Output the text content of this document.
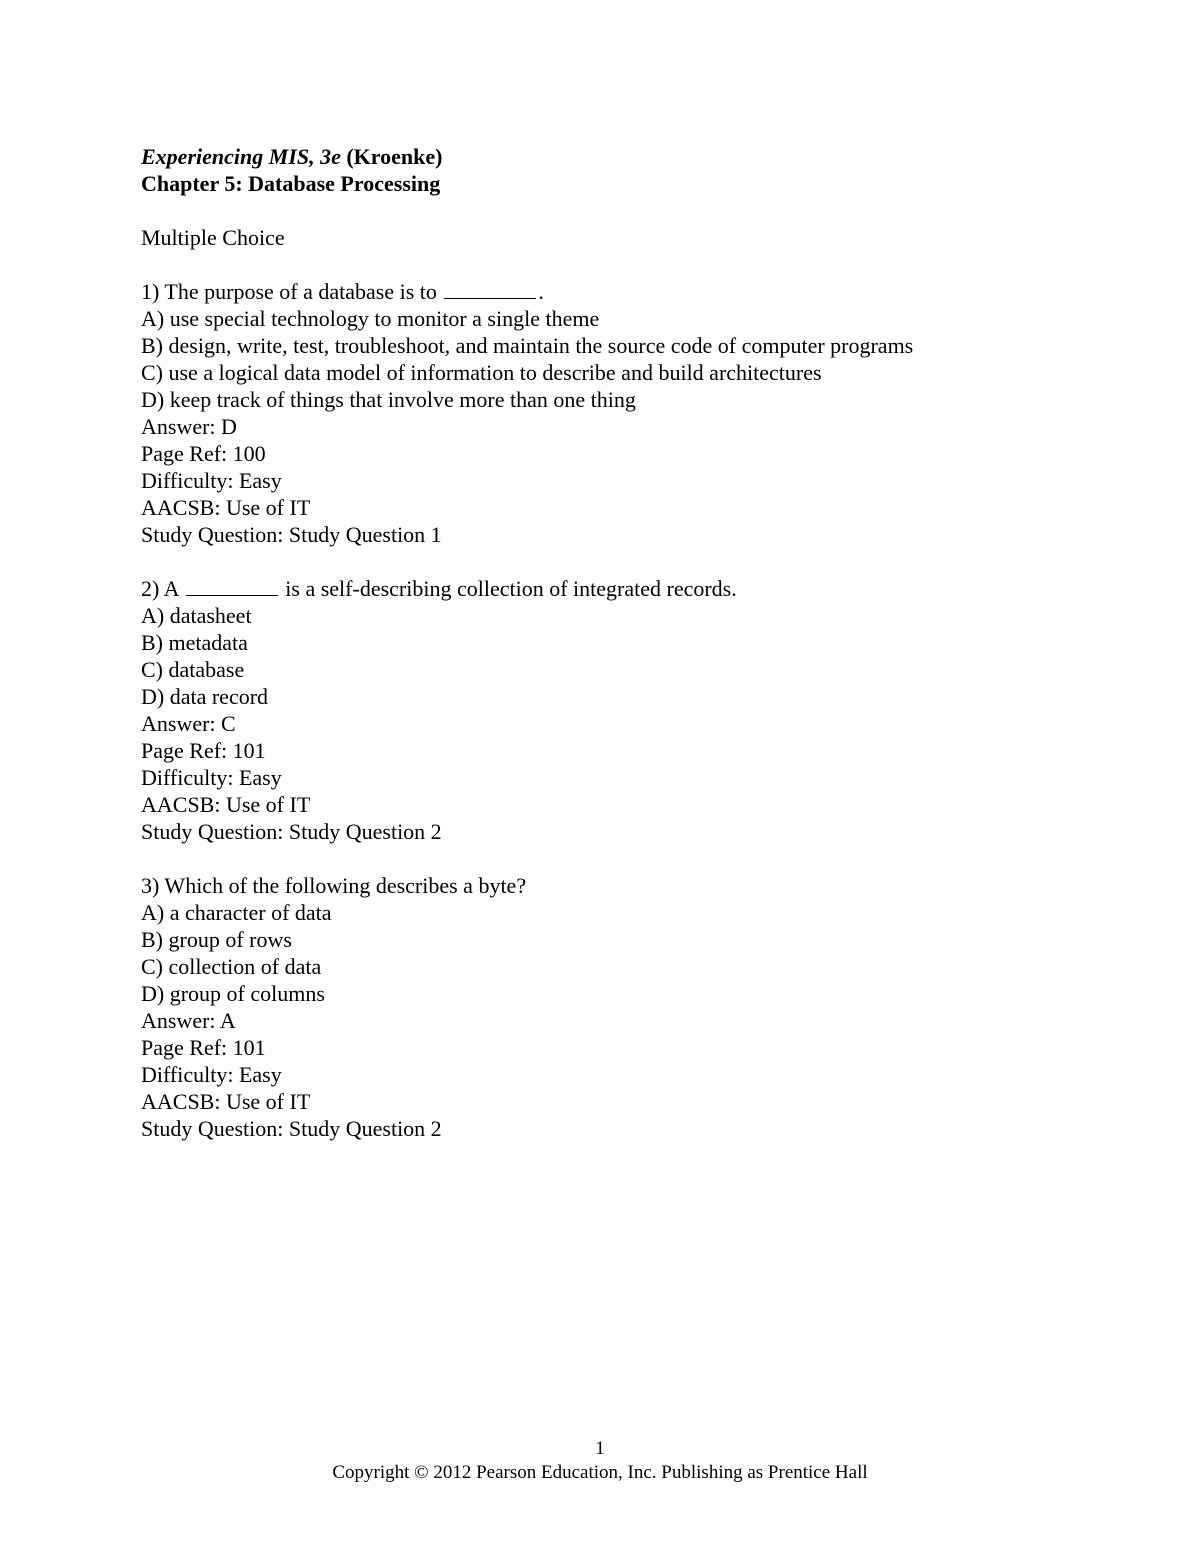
Experiencing MIS, 3e (Kroenke)
Chapter 5: Database Processing
Multiple Choice
1) The purpose of a database is to	.
A) use special technology to monitor a single theme
B) design, write, test, troubleshoot, and maintain the source code of computer programs
C) use a logical data model of information to describe and build architectures
D) keep track of things that involve more than one thing
Answer: D
Page Ref: 100
Difficulty: Easy
AACSB: Use of IT
Study Question: Study Question 1
2) A	is a self-describing collection of integrated records.
A) datasheet
B) metadata
C) database
D) data record
Answer: C
Page Ref: 101
Difficulty: Easy
AACSB: Use of IT
Study Question: Study Question 2
3) Which of the following describes a byte?
A) a character of data
B) group of rows
C) collection of data
D) group of columns
Answer: A
Page Ref: 101
Difficulty: Easy
AACSB: Use of IT
Study Question: Study Question 2
1
Copyright © 2012 Pearson Education, Inc. Publishing as Prentice Hall
